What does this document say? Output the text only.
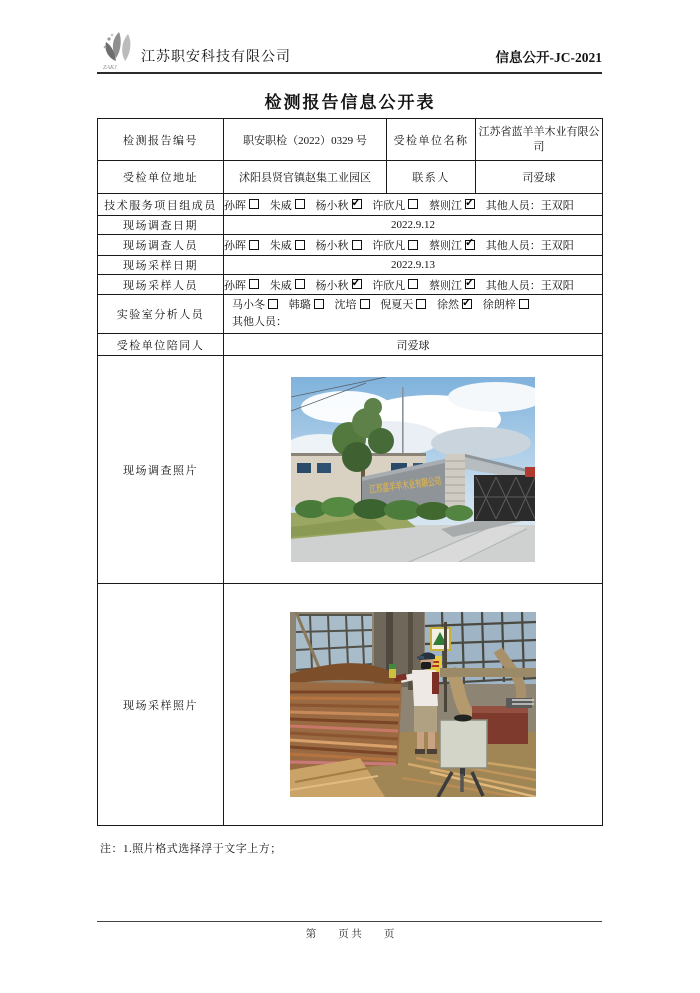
ZAKJ
江苏职安科技有限公司	信息公开-JC-2021
检测报告信息公开表
检测报告编号	职安职检（2022）0329 号	受检单位名称	江苏省蓝羊羊木业有限公司
受检单位地址	沭阳县贤官镇赵集工业园区	联系人	司爱球
技术服务项目组成员	孙晖 朱威 杨小秋 ✓ 许欣凡 蔡则江✓ 其他人员：王双阳
现场调查日期	2022.9.12		
现场调查人员	孙晖 朱威 杨小秋 许欣凡 蔡则江✓ 其他人员：王双阳
现场采样日期	2022.9.13		
现场采样人员	孙晖 朱威 杨小秋 ✓ 许欣凡 蔡则江✓ 其他人员：王双阳
实验室分析人员	马小冬 韩璐 沈培 倪夏天 徐然 ✓ 徐朗梓
其他人员：

受检单位陪同人	司爱球		
现场调查照片	江苏蓝羊羊木业有限公司		

现场采样照片	

注：1.照片格式选择浮于文字上方；

第 页 共 页
